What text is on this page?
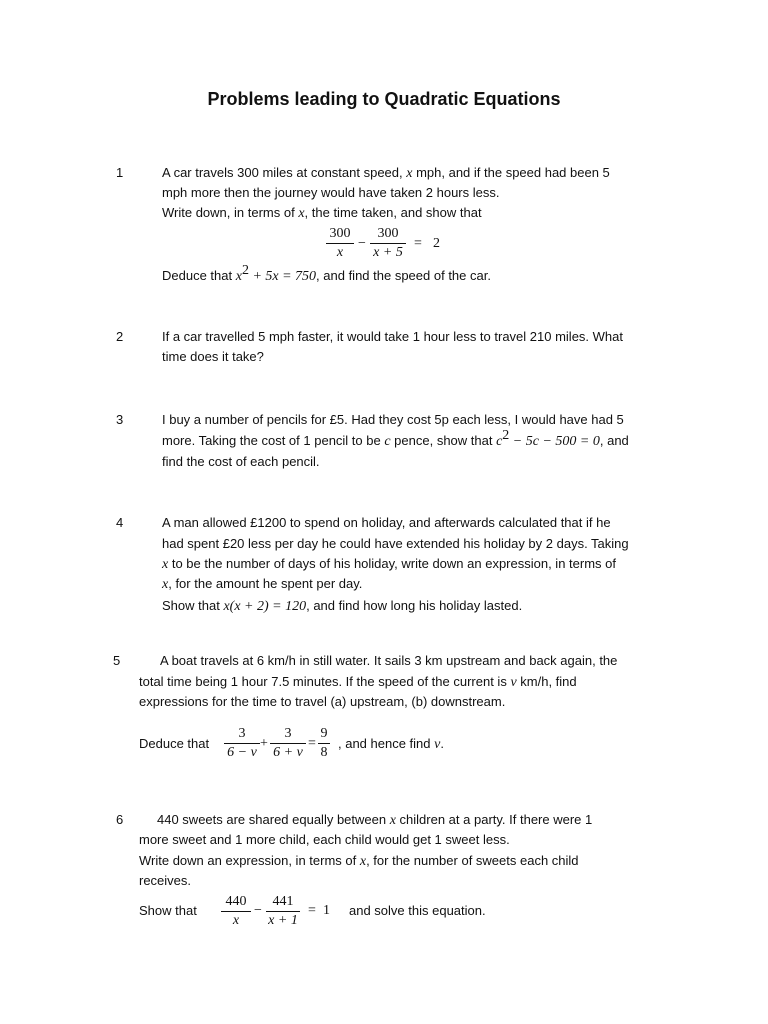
Problems leading to Quadratic Equations
1	A car travels 300 miles at constant speed, x mph, and if the speed had been 5
mph more then the journey would have taken 2 hours less.
Write down, in terms of x, the time taken, and show that
300
x
−
300
x + 5
= 2
Deduce that $x^2 + 5x = 750$, and find the speed of the car.
2	If a car travelled 5 mph faster, it would take 1 hour less to travel 210 miles. What
time does it take?
3	I buy a number of pencils for £5. Had they cost 5p each less, I would have had 5
more. Taking the cost of 1 pencil to be c pence, show that $c^2 - 5c - 500 = 0$, and
find the cost of each pencil.
4	A man allowed £1200 to spend on holiday, and afterwards calculated that if he
had spent £20 less per day he could have extended his holiday by 2 days. Taking
x to be the number of days of his holiday, write down an expression, in terms of
x, for the amount he spent per day.
Show that x(x + 2) = 120, and find how long his holiday lasted.
5	A boat travels at 6 km/h in still water. It sails 3 km upstream and back again, the
total time being 1 hour 7.5 minutes. If the speed of the current is v km/h, find
expressions for the time to travel (a) upstream, (b) downstream.
Deduce that
3
6 − v
+
3
6 + v
=
9
8
, and hence find v.
6	440 sweets are shared equally between x children at a party. If there were 1
more sweet and 1 more child, each child would get 1 sweet less.
Write down an expression, in terms of x, for the number of sweets each child
receives.
Show that
440
x
−
441
x + 1
= 1 and solve this equation.
